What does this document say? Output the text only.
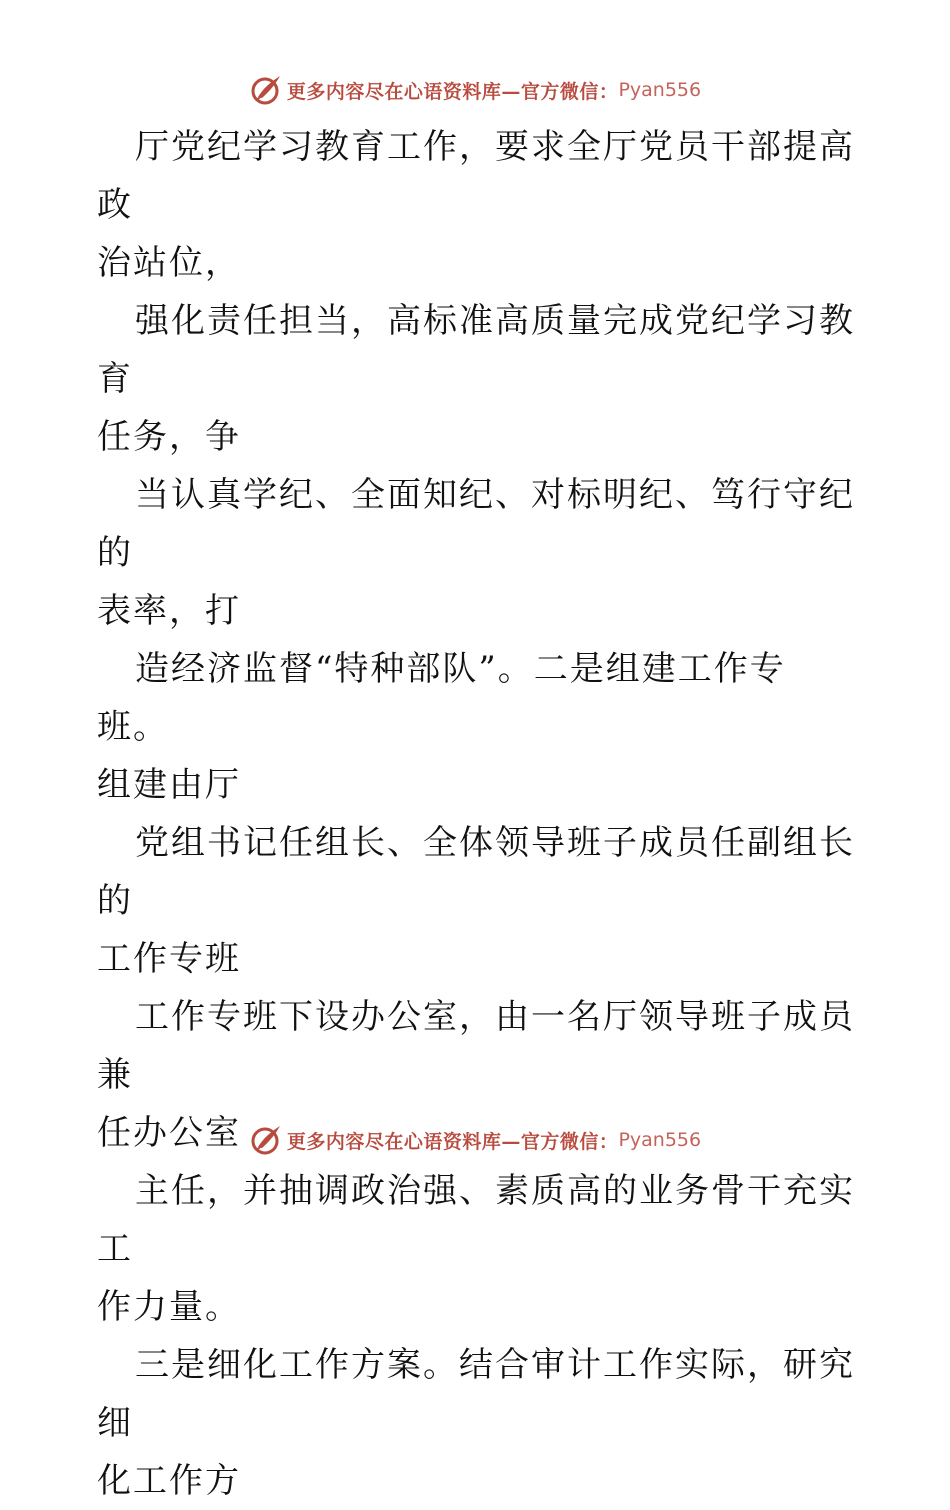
更多内容尽在心语资料库— 官方微信： Pyan556

厅党纪学习教育工作，要求全厅党员干部提高政
治站位，

强化责任担当，高标准高质量完成党纪学习教育
任务，争

当认真学纪、全面知纪、对标明纪、笃行守纪的
表率，打

造经济监督“特种部队”。二是组建工作专班。
组建由厅

党组书记任组长、全体领导班子成员任副组长的
工作专班

工作专班下设办公室，由一名厅领导班子成员兼
任办公室

主任，并抽调政治强、素质高的业务骨干充实工
作力量。

三是细化工作方案。结合审计工作实际，研究细
化工作方

更多内容尽在心语资料库— 官方微信： Pyan556
